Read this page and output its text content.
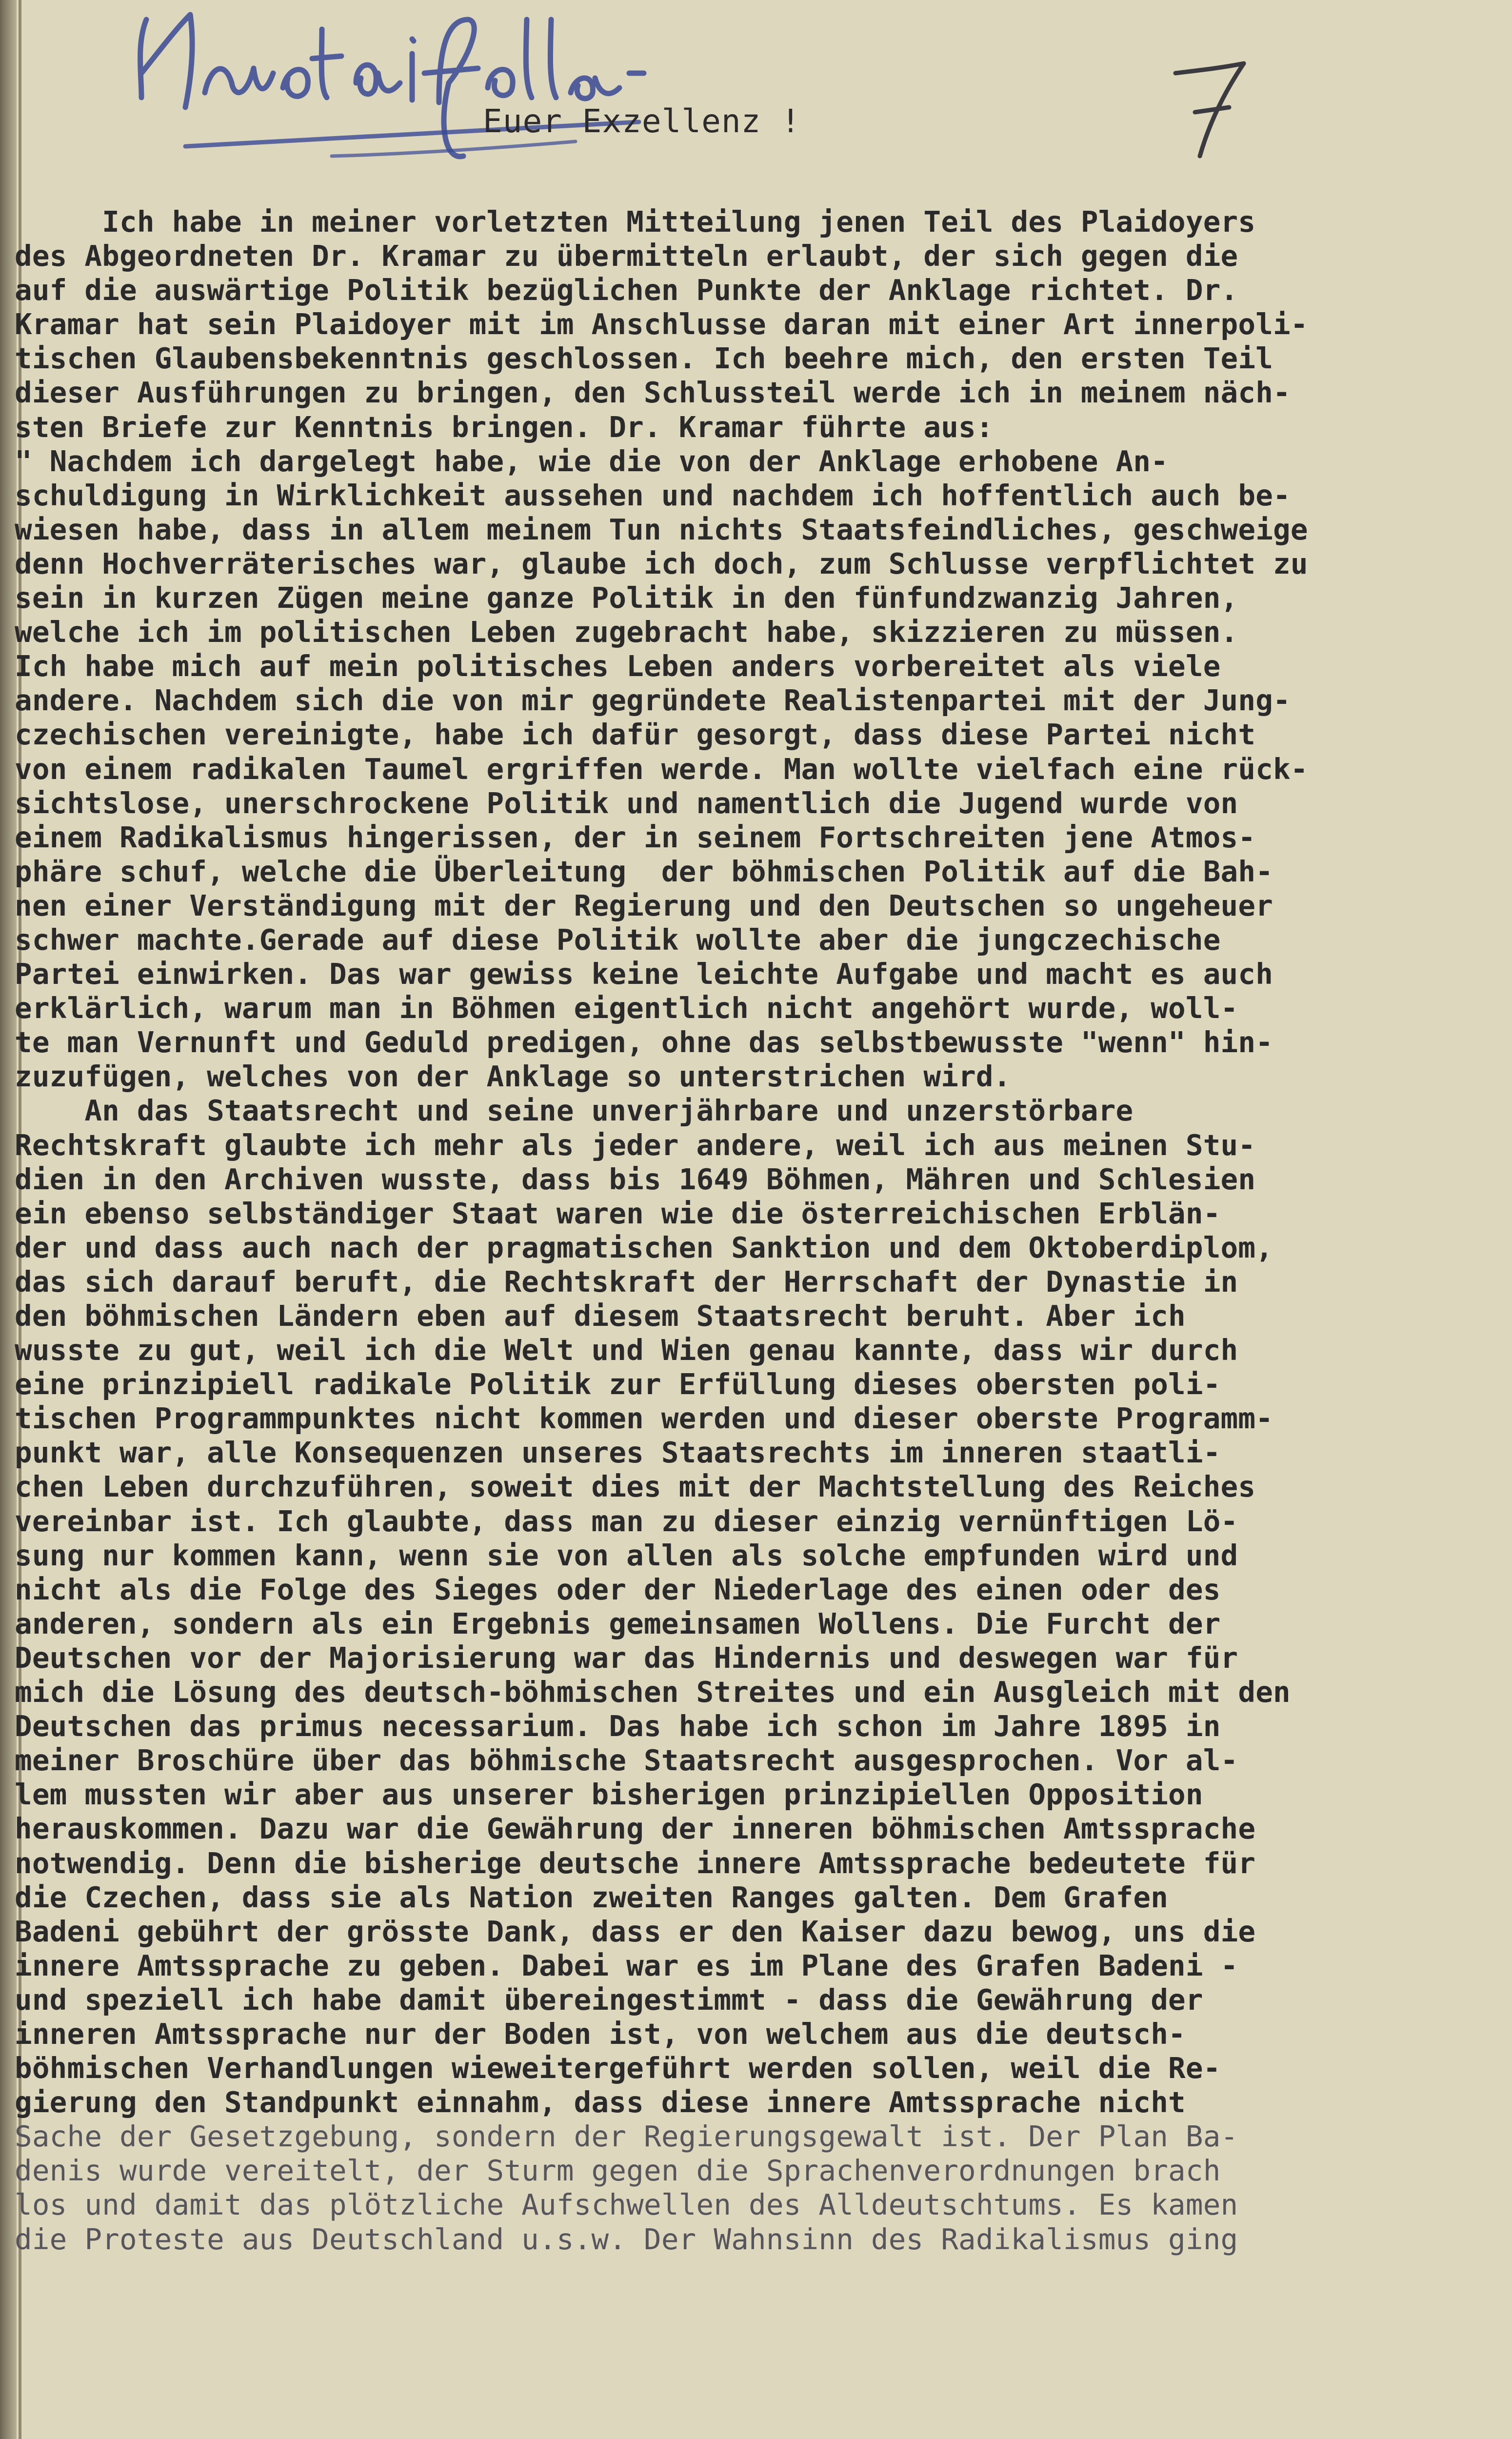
Euer Exzellenz !
Ich habe in meiner vorletzten Mitteilung jenen Teil des Plaidoyers
des Abgeordneten Dr. Kramar zu übermitteln erlaubt, der sich gegen die
auf die auswärtige Politik bezüglichen Punkte der Anklage richtet. Dr.
Kramar hat sein Plaidoyer mit im Anschlusse daran mit einer Art innerpoli-
tischen Glaubensbekenntnis geschlossen. Ich beehre mich, den ersten Teil
dieser Ausführungen zu bringen, den Schlussteil werde ich in meinem näch-
sten Briefe zur Kenntnis bringen. Dr. Kramar führte aus:
" Nachdem ich dargelegt habe, wie die von der Anklage erhobene An-
schuldigung in Wirklichkeit aussehen und nachdem ich hoffentlich auch be-
wiesen habe, dass in allem meinem Tun nichts Staatsfeindliches, geschweige
denn Hochverräterisches war, glaube ich doch, zum Schlusse verpflichtet zu
sein in kurzen Zügen meine ganze Politik in den fünfundzwanzig Jahren,
welche ich im politischen Leben zugebracht habe, skizzieren zu müssen.
Ich habe mich auf mein politisches Leben anders vorbereitet als viele
andere. Nachdem sich die von mir gegründete Realistenpartei mit der Jung-
czechischen vereinigte, habe ich dafür gesorgt, dass diese Partei nicht
von einem radikalen Taumel ergriffen werde. Man wollte vielfach eine rück-
sichtslose, unerschrockene Politik und namentlich die Jugend wurde von
einem Radikalismus hingerissen, der in seinem Fortschreiten jene Atmos-
phäre schuf, welche die Überleitung  der böhmischen Politik auf die Bah-
nen einer Verständigung mit der Regierung und den Deutschen so ungeheuer
schwer machte.Gerade auf diese Politik wollte aber die jungczechische
Partei einwirken. Das war gewiss keine leichte Aufgabe und macht es auch
erklärlich, warum man in Böhmen eigentlich nicht angehört wurde, woll-
te man Vernunft und Geduld predigen, ohne das selbstbewusste "wenn" hin-
zuzufügen, welches von der Anklage so unterstrichen wird.
An das Staatsrecht und seine unverjährbare und unzerstörbare
Rechtskraft glaubte ich mehr als jeder andere, weil ich aus meinen Stu-
dien in den Archiven wusste, dass bis 1649 Böhmen, Mähren und Schlesien
ein ebenso selbständiger Staat waren wie die österreichischen Erblän-
der und dass auch nach der pragmatischen Sanktion und dem Oktoberdiplom,
das sich darauf beruft, die Rechtskraft der Herrschaft der Dynastie in
den böhmischen Ländern eben auf diesem Staatsrecht beruht. Aber ich
wusste zu gut, weil ich die Welt und Wien genau kannte, dass wir durch
eine prinzipiell radikale Politik zur Erfüllung dieses obersten poli-
tischen Programmpunktes nicht kommen werden und dieser oberste Programm-
punkt war, alle Konsequenzen unseres Staatsrechts im inneren staatli-
chen Leben durchzuführen, soweit dies mit der Machtstellung des Reiches
vereinbar ist. Ich glaubte, dass man zu dieser einzig vernünftigen Lö-
sung nur kommen kann, wenn sie von allen als solche empfunden wird und
nicht als die Folge des Sieges oder der Niederlage des einen oder des
anderen, sondern als ein Ergebnis gemeinsamen Wollens. Die Furcht der
Deutschen vor der Majorisierung war das Hindernis und deswegen war für
mich die Lösung des deutsch-böhmischen Streites und ein Ausgleich mit den
Deutschen das primus necessarium. Das habe ich schon im Jahre 1895 in
meiner Broschüre über das böhmische Staatsrecht ausgesprochen. Vor al-
lem mussten wir aber aus unserer bisherigen prinzipiellen Opposition
herauskommen. Dazu war die Gewährung der inneren böhmischen Amtssprache
notwendig. Denn die bisherige deutsche innere Amtssprache bedeutete für
die Czechen, dass sie als Nation zweiten Ranges galten. Dem Grafen
Badeni gebührt der grösste Dank, dass er den Kaiser dazu bewog, uns die
innere Amtssprache zu geben. Dabei war es im Plane des Grafen Badeni -
und speziell ich habe damit übereingestimmt - dass die Gewährung der
inneren Amtssprache nur der Boden ist, von welchem aus die deutsch-
böhmischen Verhandlungen wieweitergeführt werden sollen, weil die Re-
gierung den Standpunkt einnahm, dass diese innere Amtssprache nicht
Sache der Gesetzgebung, sondern der Regierungsgewalt ist. Der Plan Ba-
denis wurde vereitelt, der Sturm gegen die Sprachenverordnungen brach
los und damit das plötzliche Aufschwellen des Alldeutschtums. Es kamen
die Proteste aus Deutschland u.s.w. Der Wahnsinn des Radikalismus ging
